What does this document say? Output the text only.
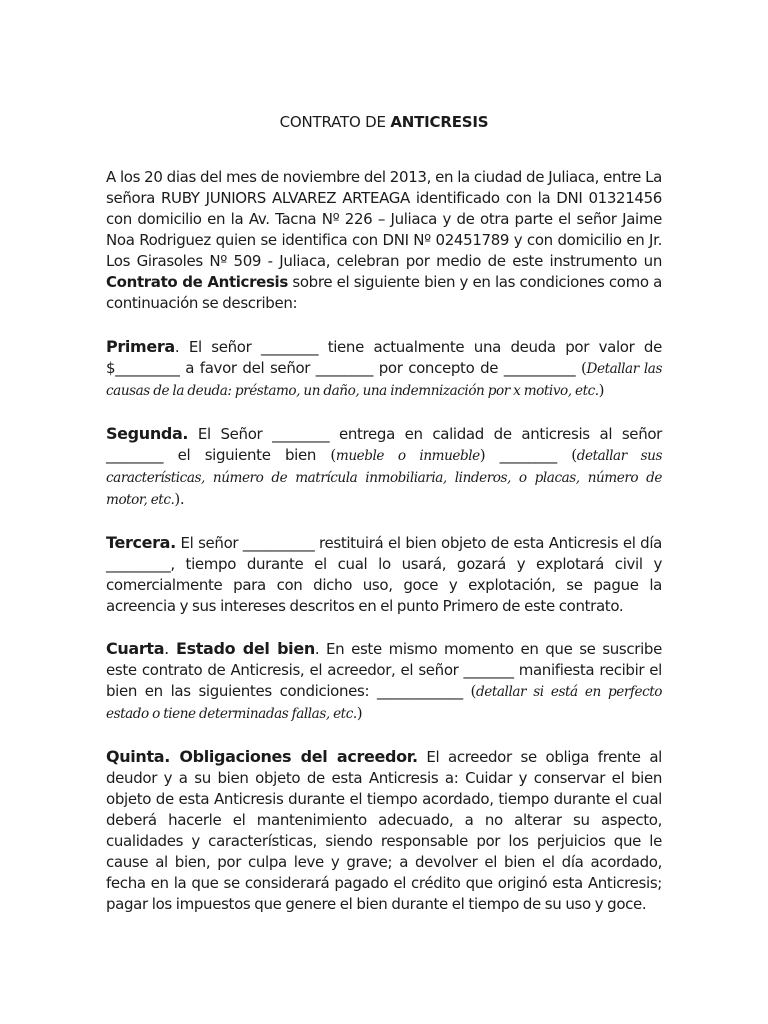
CONTRATO DE ANTICRESIS

A los 20 dias del mes de noviembre del 2013, en la ciudad de Juliaca, entre La señora RUBY JUNIORS ALVAREZ ARTEAGA identificado con la DNI 01321456 con domicilio en la Av. Tacna Nº 226 – Juliaca y de otra parte el señor Jaime Noa Rodriguez quien se identifica con DNI Nº 02451789 y con domicilio en Jr. Los Girasoles Nº 509 - Juliaca, celebran por medio de este instrumento un Contrato de Anticresis sobre el siguiente bien y en las condiciones como a continuación se describen:

Primera. El señor ________ tiene actualmente una deuda por valor de $_________ a favor del señor ________ por concepto de __________ (Detallar las causas de la deuda: préstamo, un daño, una indemnización por x motivo, etc.)

Segunda. El Señor ________ entrega en calidad de anticresis al señor ________ el siguiente bien (mueble o inmueble) ________ (detallar sus características, número de matrícula inmobiliaria, linderos, o placas, número de motor, etc.).

Tercera. El señor __________ restituirá el bien objeto de esta Anticresis el día _________, tiempo durante el cual lo usará, gozará y explotará civil y comercialmente para con dicho uso, goce y explotación, se pague la acreencia y sus intereses descritos en el punto Primero de este contrato.

Cuarta. Estado del bien. En este mismo momento en que se suscribe este contrato de Anticresis, el acreedor, el señor _______ manifiesta recibir el bien en las siguientes condiciones: ____________ (detallar si está en perfecto estado o tiene determinadas fallas, etc.)

Quinta. Obligaciones del acreedor. El acreedor se obliga frente al deudor y a su bien objeto de esta Anticresis a: Cuidar y conservar el bien objeto de esta Anticresis durante el tiempo acordado, tiempo durante el cual deberá hacerle el mantenimiento adecuado, a no alterar su aspecto, cualidades y características, siendo responsable por los perjuicios que le cause al bien, por culpa leve y grave; a devolver el bien el día acordado, fecha en la que se considerará pagado el crédito que originó esta Anticresis; pagar los impuestos que genere el bien durante el tiempo de su uso y goce.
